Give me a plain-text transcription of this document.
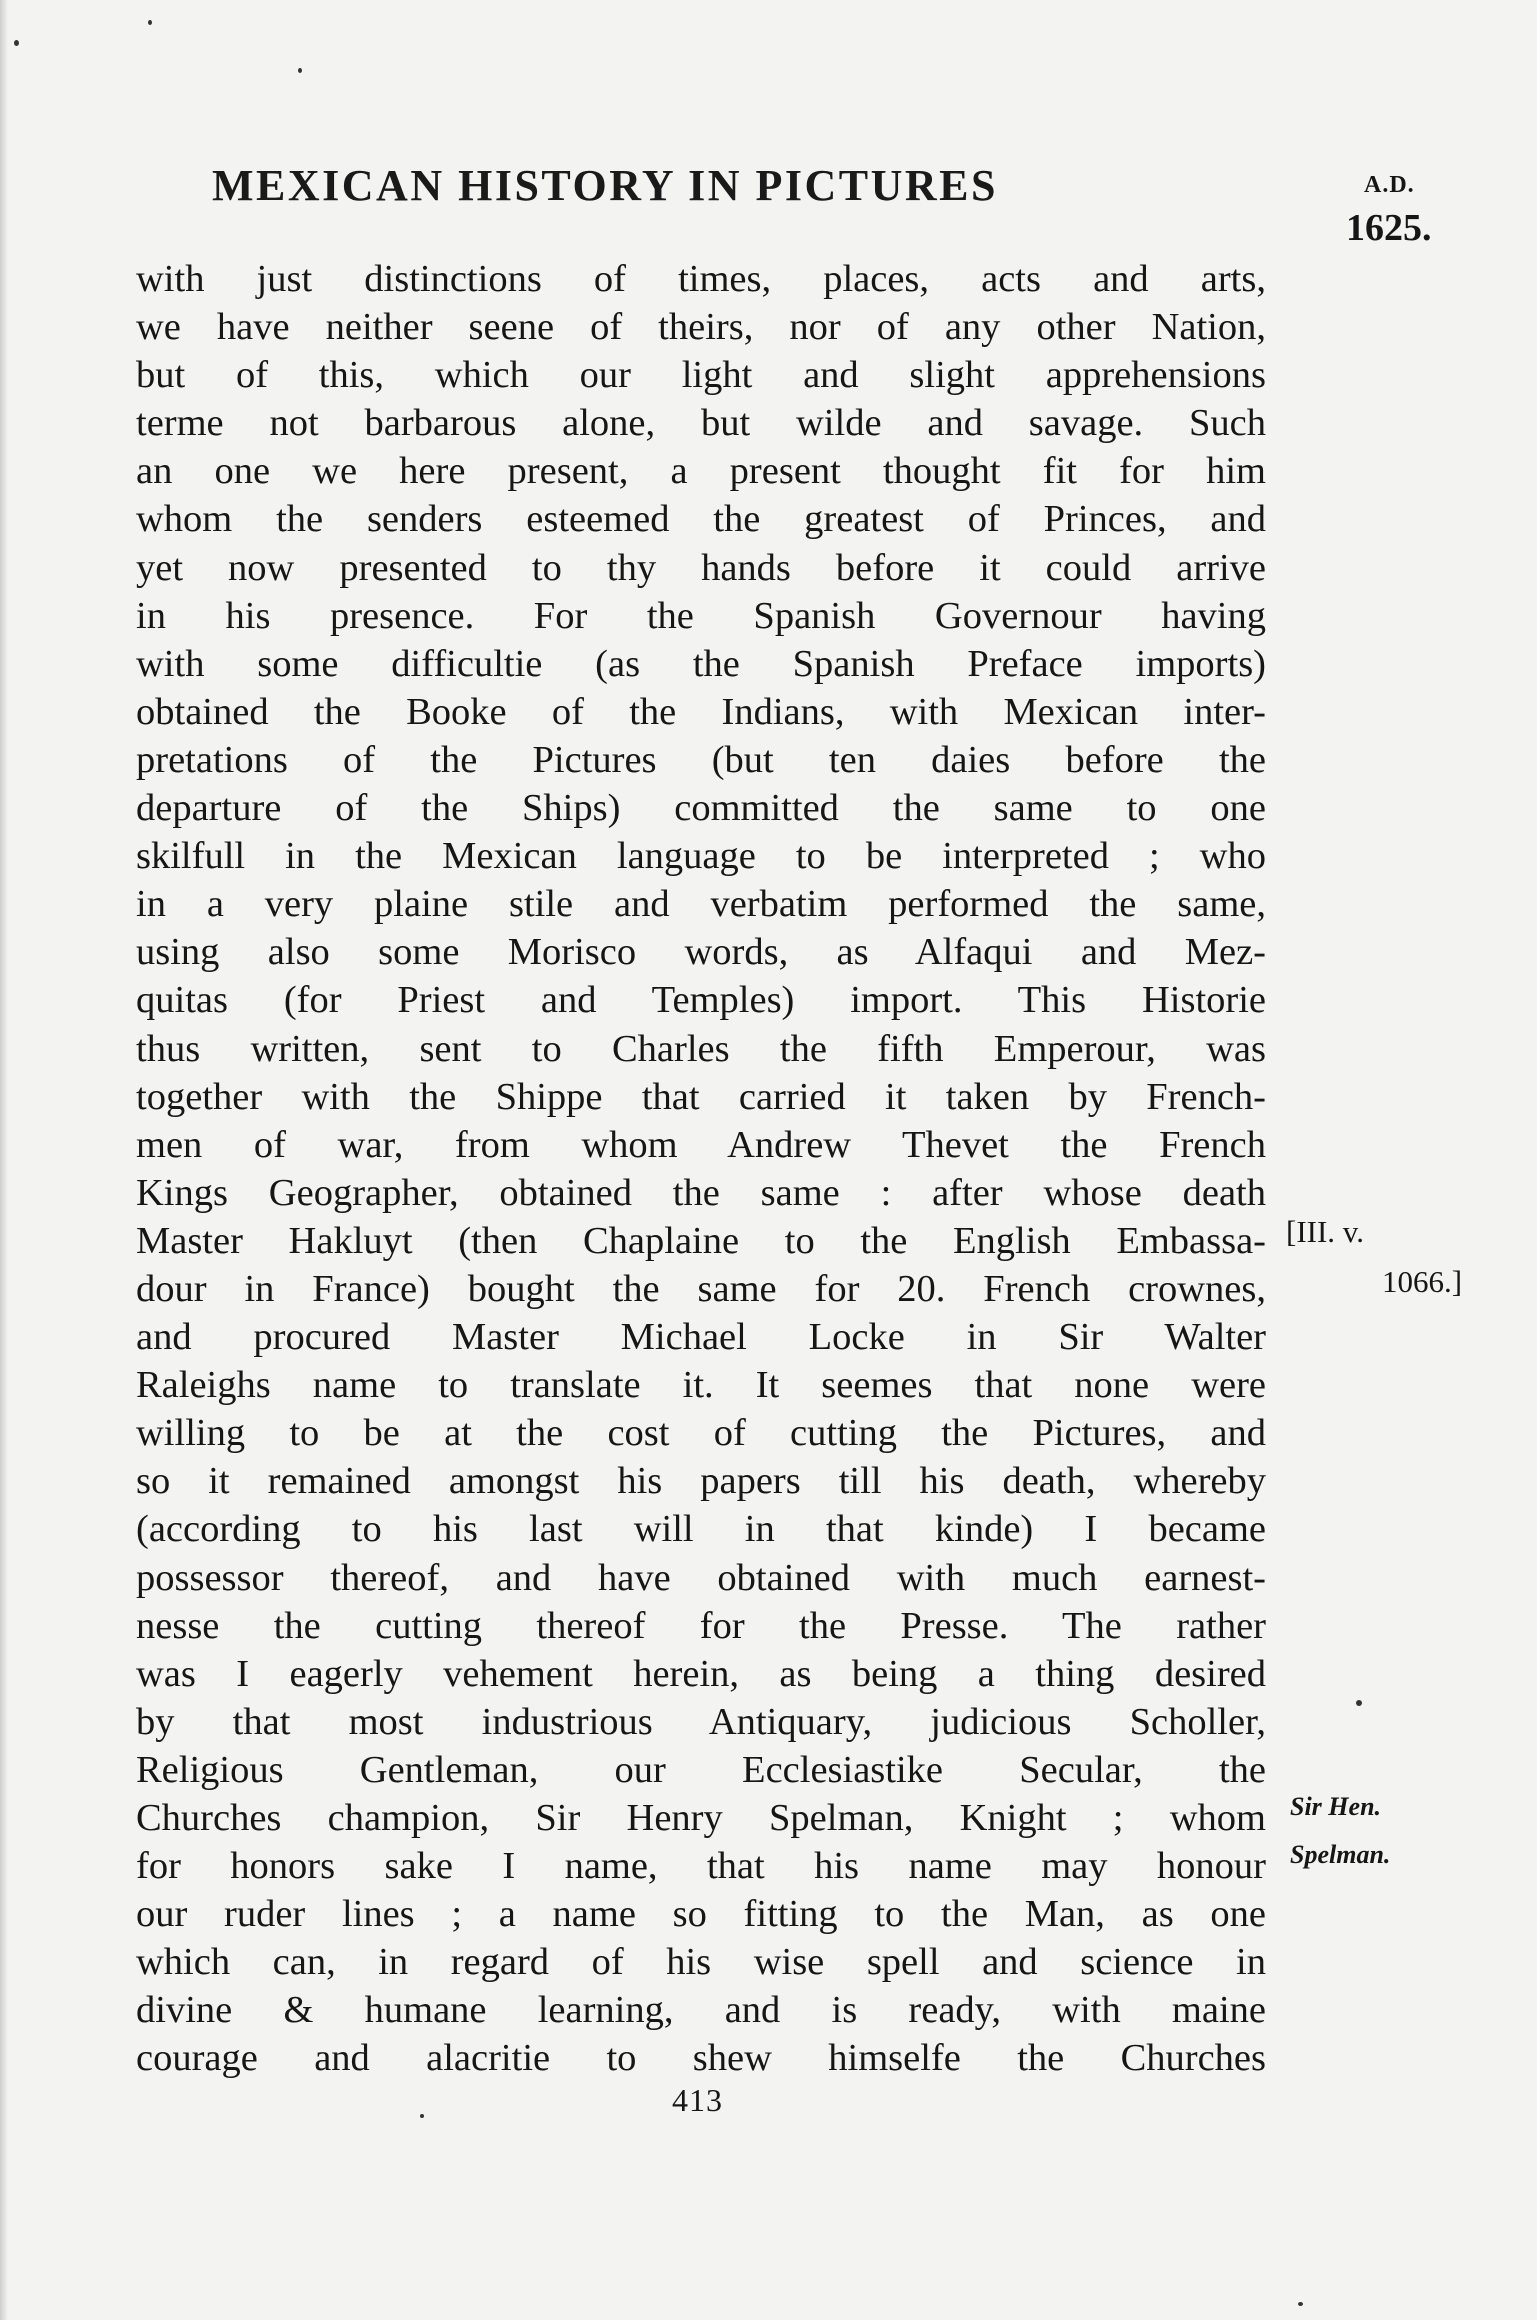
MEXICAN HISTORY IN PICTURES	A.D.
1625.
with just distinctions of times, places, acts and arts,
we have neither seene of theirs, nor of any other Nation,
but of this, which our light and slight apprehensions
terme not barbarous alone, but wilde and savage. Such
an one we here present, a present thought fit for him
whom the senders esteemed the greatest of Princes, and
yet now presented to thy hands before it could arrive
in his presence. For the Spanish Governour having
with some difficultie (as the Spanish Preface imports)
obtained the Booke of the Indians, with Mexican inter-
pretations of the Pictures (but ten daies before the
departure of the Ships) committed the same to one
skilfull in the Mexican language to be interpreted ; who
in a very plaine stile and verbatim performed the same,
using also some Morisco words, as Alfaqui and Mez-
quitas (for Priest and Temples) import. This Historie
thus written, sent to Charles the fifth Emperour, was
together with the Shippe that carried it taken by French-
men of war, from whom Andrew Thevet the French
Kings Geographer, obtained the same : after whose death
Master Hakluyt (then Chaplaine to the English Embassa-
dour in France) bought the same for 20. French crownes,
and procured Master Michael Locke in Sir Walter
Raleighs name to translate it. It seemes that none were
willing to be at the cost of cutting the Pictures, and
so it remained amongst his papers till his death, whereby
(according to his last will in that kinde) I became
possessor thereof, and have obtained with much earnest-
nesse the cutting thereof for the Presse. The rather
was I eagerly vehement herein, as being a thing desired
by that most industrious Antiquary, judicious Scholler,
Religious Gentleman, our Ecclesiastike Secular, the
Churches champion, Sir Henry Spelman, Knight ; whom
for honors sake I name, that his name may honour
our ruder lines ; a name so fitting to the Man, as one
which can, in regard of his wise spell and science in
divine & humane learning, and is ready, with maine
courage and alacritie to shew himselfe the Churches
[III. v.
1066.]
Sir Hen.
Spelman.
413
